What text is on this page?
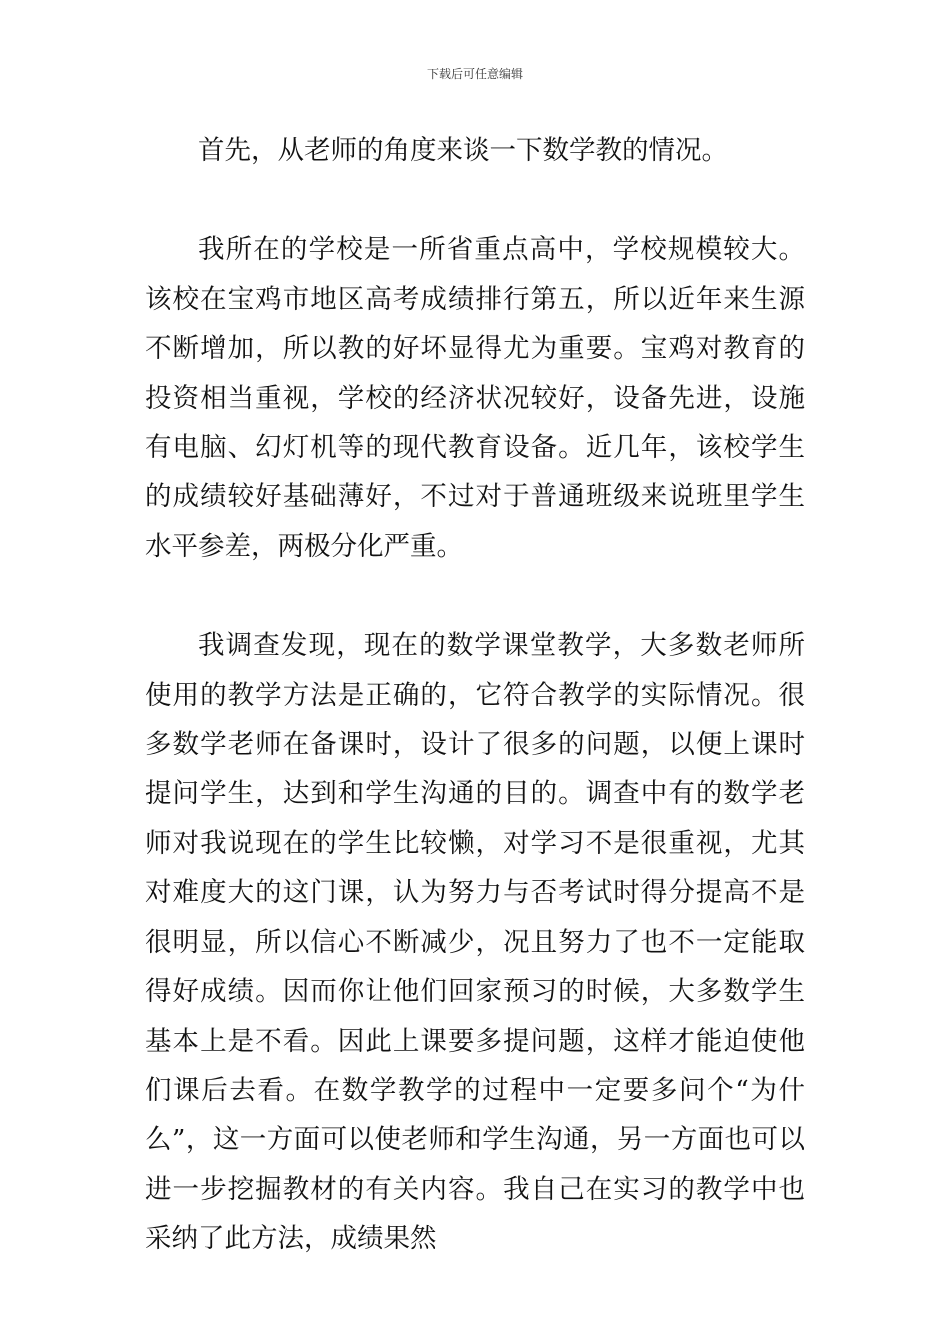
下载后可任意编辑

首先，从老师的角度来谈一下数学教的情况。

我所在的学校是一所省重点高中，学校规模较大。该校在宝鸡市地区高考成绩排行第五，所以近年来生源不断增加，所以教的好坏显得尤为重要。宝鸡对教育的投资相当重视，学校的经济状况较好，设备先进，设施有电脑、幻灯机等的现代教育设备。近几年，该校学生的成绩较好基础薄好，不过对于普通班级来说班里学生水平参差，两极分化严重。

我调查发现，现在的数学课堂教学，大多数老师所使用的教学方法是正确的，它符合教学的实际情况。很多数学老师在备课时，设计了很多的问题，以便上课时提问学生，达到和学生沟通的目的。调查中有的数学老师对我说现在的学生比较懒，对学习不是很重视，尤其对难度大的这门课，认为努力与否考试时得分提高不是很明显，所以信心不断减少，况且努力了也不一定能取得好成绩。因而你让他们回家预习的时候，大多数学生基本上是不看。因此上课要多提问题，这样才能迫使他们课后去看。在数学教学的过程中一定要多问个“为什么”，这一方面可以使老师和学生沟通，另一方面也可以进一步挖掘教材的有关内容。我自己在实习的教学中也采纳了此方法，成绩果然
